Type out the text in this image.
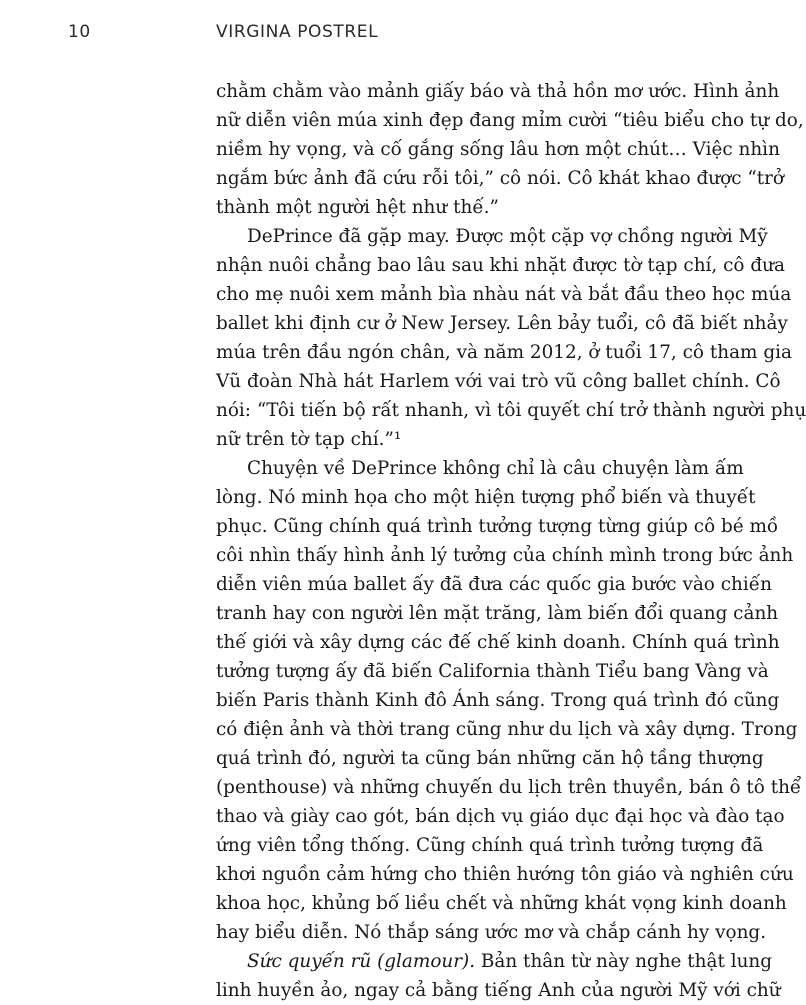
10	VIRGINA POSTREL
chằm chằm vào mảnh giấy báo và thả hồn mơ ước. Hình ảnh
nữ diễn viên múa xinh đẹp đang mỉm cười “tiêu biểu cho tự do,
niềm hy vọng, và cố gắng sống lâu hơn một chút… Việc nhìn
ngắm bức ảnh đã cứu rỗi tôi,” cô nói. Cô khát khao được “trở
thành một người hệt như thế.”
DePrince đã gặp may. Được một cặp vợ chồng người Mỹ
nhận nuôi chẳng bao lâu sau khi nhặt được tờ tạp chí, cô đưa
cho mẹ nuôi xem mảnh bìa nhàu nát và bắt đầu theo học múa
ballet khi định cư ở New Jersey. Lên bảy tuổi, cô đã biết nhảy
múa trên đầu ngón chân, và năm 2012, ở tuổi 17, cô tham gia
Vũ đoàn Nhà hát Harlem với vai trò vũ công ballet chính. Cô
nói: “Tôi tiến bộ rất nhanh, vì tôi quyết chí trở thành người phụ
nữ trên tờ tạp chí.”¹
Chuyện về DePrince không chỉ là câu chuyện làm ấm
lòng. Nó minh họa cho một hiện tượng phổ biến và thuyết
phục. Cũng chính quá trình tưởng tượng từng giúp cô bé mồ
côi nhìn thấy hình ảnh lý tưởng của chính mình trong bức ảnh
diễn viên múa ballet ấy đã đưa các quốc gia bước vào chiến
tranh hay con người lên mặt trăng, làm biến đổi quang cảnh
thế giới và xây dựng các đế chế kinh doanh. Chính quá trình
tưởng tượng ấy đã biến California thành Tiểu bang Vàng và
biến Paris thành Kinh đô Ánh sáng. Trong quá trình đó cũng
có điện ảnh và thời trang cũng như du lịch và xây dựng. Trong
quá trình đó, người ta cũng bán những căn hộ tầng thượng
(penthouse) và những chuyến du lịch trên thuyền, bán ô tô thể
thao và giày cao gót, bán dịch vụ giáo dục đại học và đào tạo
ứng viên tổng thống. Cũng chính quá trình tưởng tượng đã
khơi nguồn cảm hứng cho thiên hướng tôn giáo và nghiên cứu
khoa học, khủng bố liều chết và những khát vọng kinh doanh
hay biểu diễn. Nó thắp sáng ước mơ và chắp cánh hy vọng.
Sức quyến rũ (glamour). Bản thân từ này nghe thật lung
linh huyền ảo, ngay cả bằng tiếng Anh của người Mỹ với chữ
